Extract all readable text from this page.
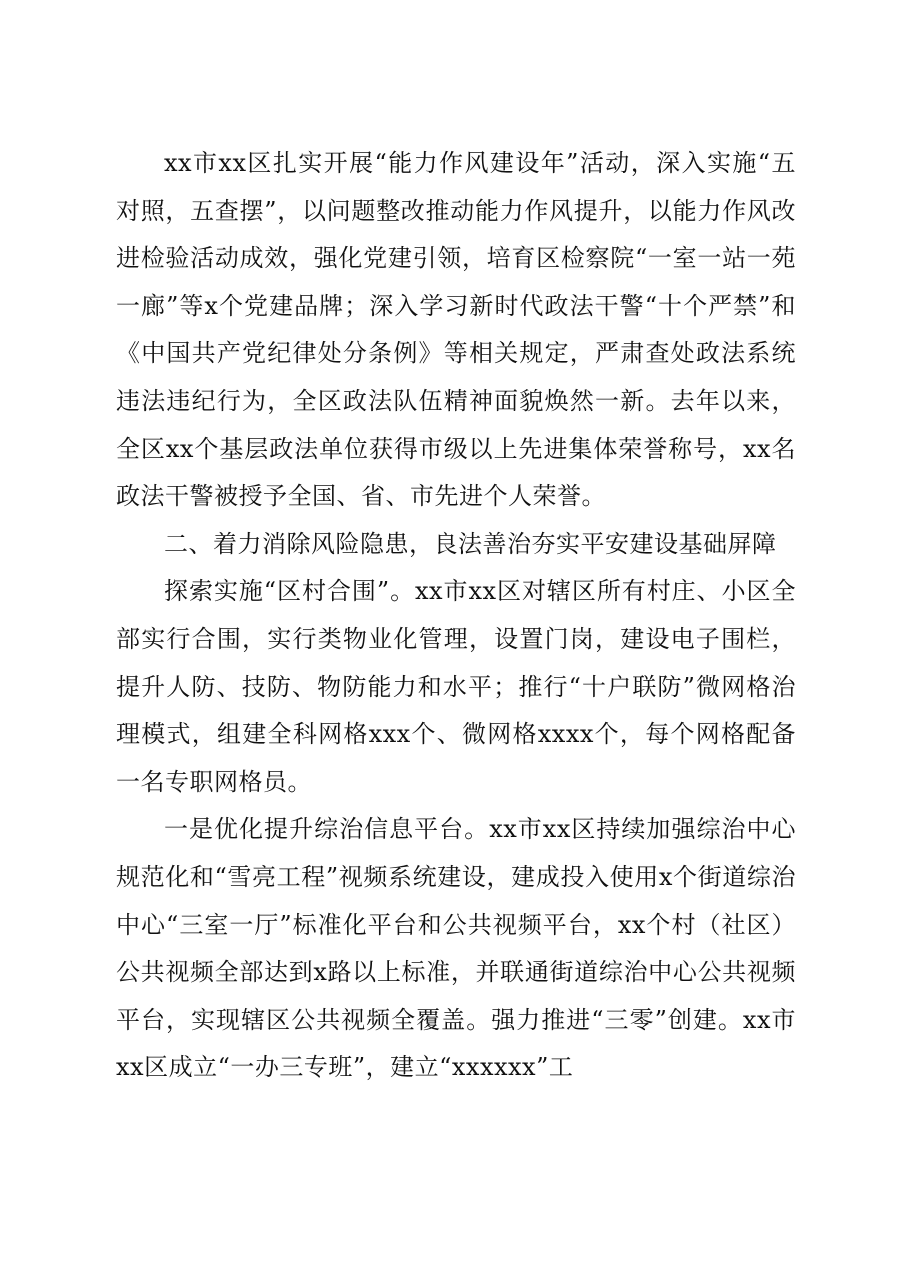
xx市xx区扎实开展“能力作风建设年”活动，深入实施“五对照，五查摆”，以问题整改推动能力作风提升，以能力作风改进检验活动成效，强化党建引领，培育区检察院“一室一站一苑一廊”等x个党建品牌；深入学习新时代政法干警“十个严禁”和《中国共产党纪律处分条例》等相关规定，严肃查处政法系统违法违纪行为，全区政法队伍精神面貌焕然一新。去年以来，全区xx个基层政法单位获得市级以上先进集体荣誉称号，xx名政法干警被授予全国、省、市先进个人荣誉。

二、着力消除风险隐患，良法善治夯实平安建设基础屏障

探索实施“区村合围”。xx市xx区对辖区所有村庄、小区全部实行合围，实行类物业化管理，设置门岗，建设电子围栏，提升人防、技防、物防能力和水平；推行“十户联防”微网格治理模式，组建全科网格xxx个、微网格xxxx个，每个网格配备一名专职网格员。

一是优化提升综治信息平台。xx市xx区持续加强综治中心规范化和“雪亮工程”视频系统建设，建成投入使用x个街道综治中心“三室一厅”标准化平台和公共视频平台，xx个村（社区）公共视频全部达到x路以上标准，并联通街道综治中心公共视频平台，实现辖区公共视频全覆盖。强力推进“三零”创建。xx市xx区成立“一办三专班”，建立“xxxxxx”工
